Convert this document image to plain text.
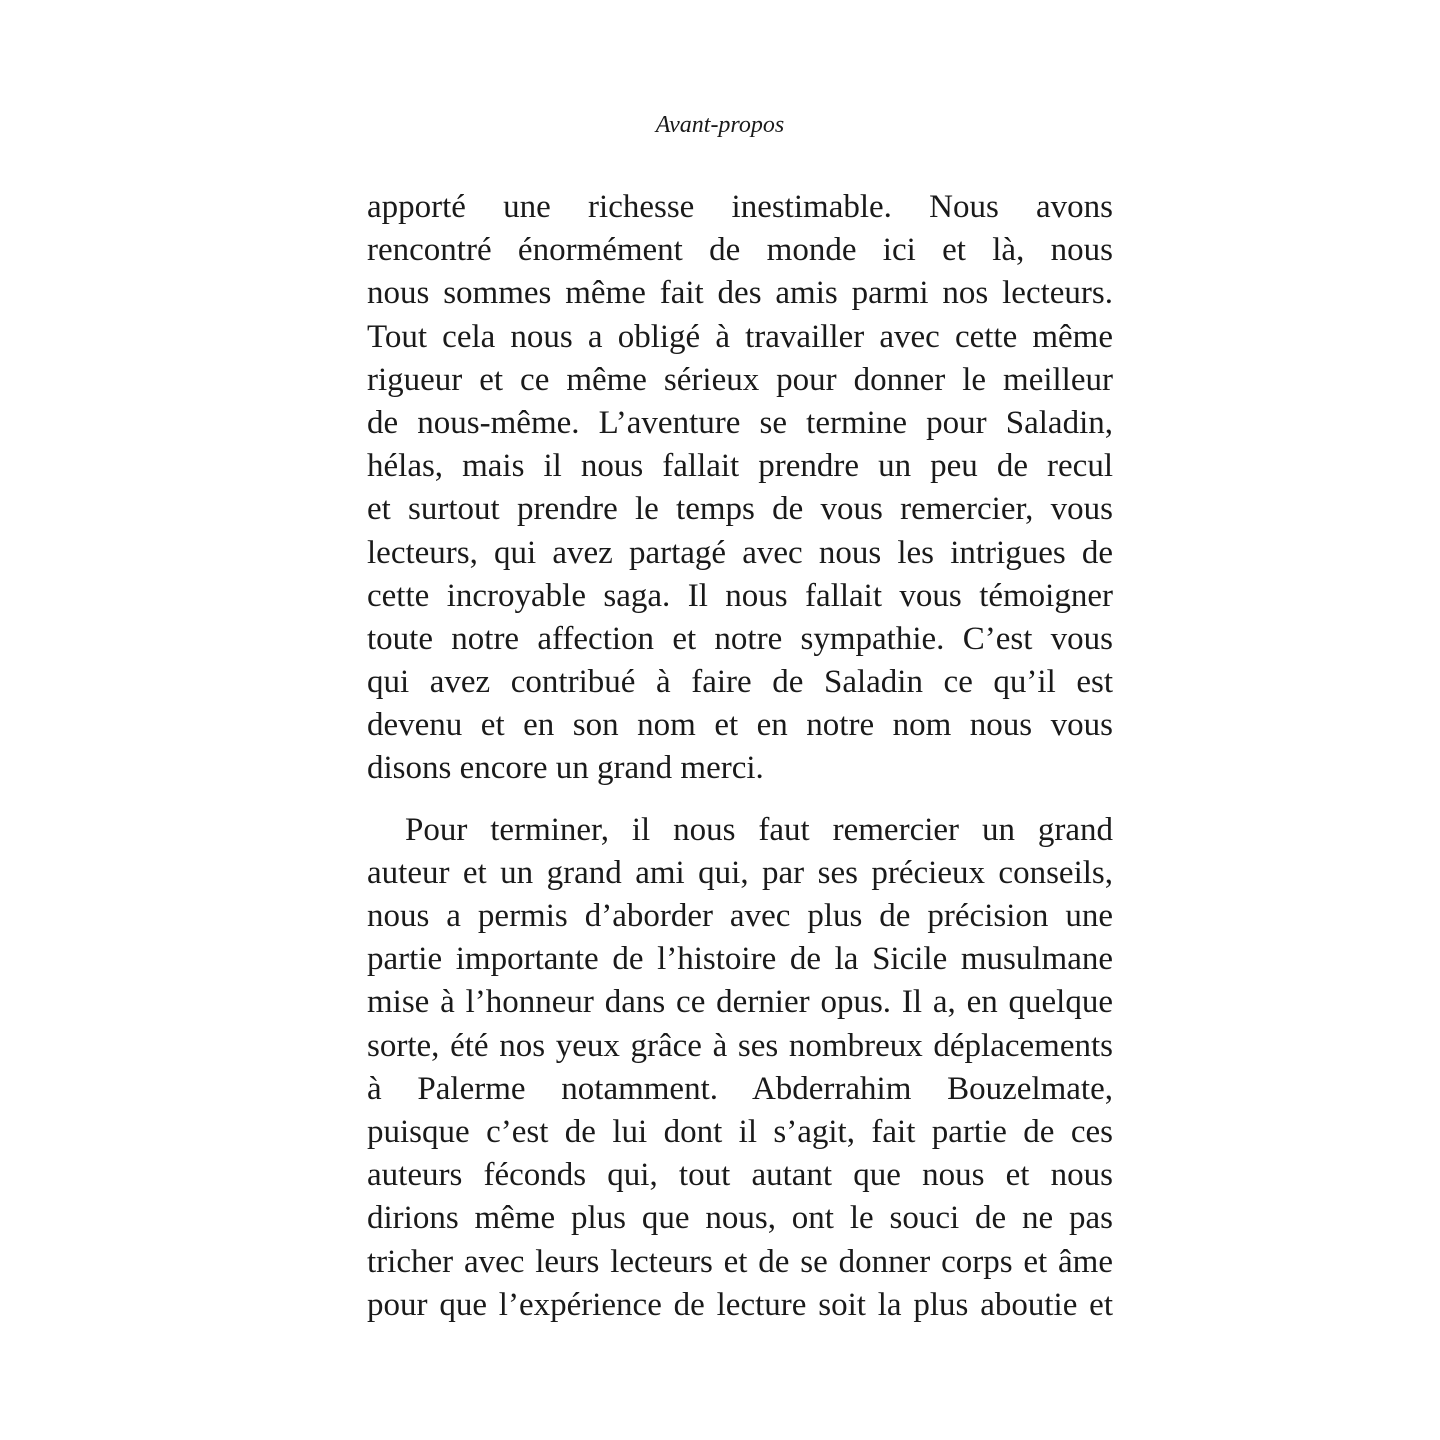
Avant-propos
apporté une richesse inestimable. Nous avons
rencontré énormément de monde ici et là, nous
nous sommes même fait des amis parmi nos lecteurs.
Tout cela nous a obligé à travailler avec cette même
rigueur et ce même sérieux pour donner le meilleur
de nous-même. L’aventure se termine pour Saladin,
hélas, mais il nous fallait prendre un peu de recul
et surtout prendre le temps de vous remercier, vous
lecteurs, qui avez partagé avec nous les intrigues de
cette incroyable saga. Il nous fallait vous témoigner
toute notre affection et notre sympathie. C’est vous
qui avez contribué à faire de Saladin ce qu’il est
devenu et en son nom et en notre nom nous vous
disons encore un grand merci.
Pour terminer, il nous faut remercier un grand
auteur et un grand ami qui, par ses précieux conseils,
nous a permis d’aborder avec plus de précision une
partie importante de l’histoire de la Sicile musulmane
mise à l’honneur dans ce dernier opus. Il a, en quelque
sorte, été nos yeux grâce à ses nombreux déplacements
à Palerme notamment. Abderrahim Bouzelmate,
puisque c’est de lui dont il s’agit, fait partie de ces
auteurs féconds qui, tout autant que nous et nous
dirions même plus que nous, ont le souci de ne pas
tricher avec leurs lecteurs et de se donner corps et âme
pour que l’expérience de lecture soit la plus aboutie et
